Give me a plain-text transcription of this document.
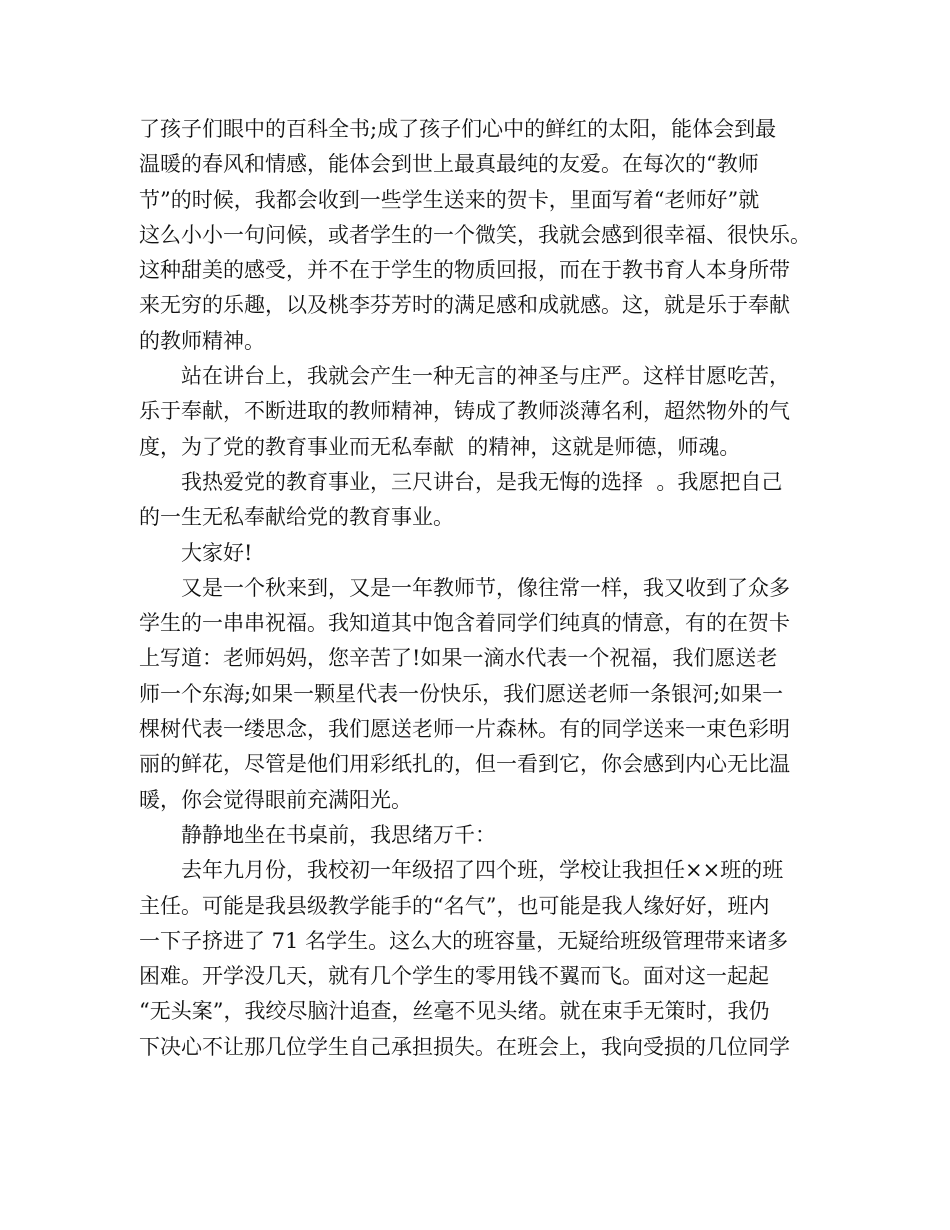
了孩子们眼中的百科全书;成了孩子们心中的鲜红的太阳，能体会到最
温暖的春风和情感，能体会到世上最真最纯的友爱。在每次的“教师
节”的时候，我都会收到一些学生送来的贺卡，里面写着“老师好”就
这么小小一句问候，或者学生的一个微笑，我就会感到很幸福、很快乐。
这种甜美的感受，并不在于学生的物质回报，而在于教书育人本身所带
来无穷的乐趣，以及桃李芬芳时的满足感和成就感。这，就是乐于奉献
的教师精神。
站在讲台上，我就会产生一种无言的神圣与庄严。这样甘愿吃苦，
乐于奉献，不断进取的教师精神，铸成了教师淡薄名利，超然物外的气
度，为了党的教育事业而无私奉献  的精神，这就是师德，师魂。
我热爱党的教育事业，三尺讲台，是我无悔的选择  。我愿把自己
的一生无私奉献给党的教育事业。
大家好!
又是一个秋来到，又是一年教师节，像往常一样，我又收到了众多
学生的一串串祝福。我知道其中饱含着同学们纯真的情意，有的在贺卡
上写道：老师妈妈，您辛苦了!如果一滴水代表一个祝福，我们愿送老
师一个东海;如果一颗星代表一份快乐，我们愿送老师一条银河;如果一
棵树代表一缕思念，我们愿送老师一片森林。有的同学送来一束色彩明
丽的鲜花，尽管是他们用彩纸扎的，但一看到它，你会感到内心无比温
暖，你会觉得眼前充满阳光。
静静地坐在书桌前，我思绪万千：
去年九月份，我校初一年级招了四个班，学校让我担任××班的班
主任。可能是我县级教学能手的“名气”，也可能是我人缘好好，班内
一下子挤进了 71 名学生。这么大的班容量，无疑给班级管理带来诸多
困难。开学没几天，就有几个学生的零用钱不翼而飞。面对这一起起
“无头案”，我绞尽脑汁追查，丝毫不见头绪。就在束手无策时，我仍
下决心不让那几位学生自己承担损失。在班会上，我向受损的几位同学
